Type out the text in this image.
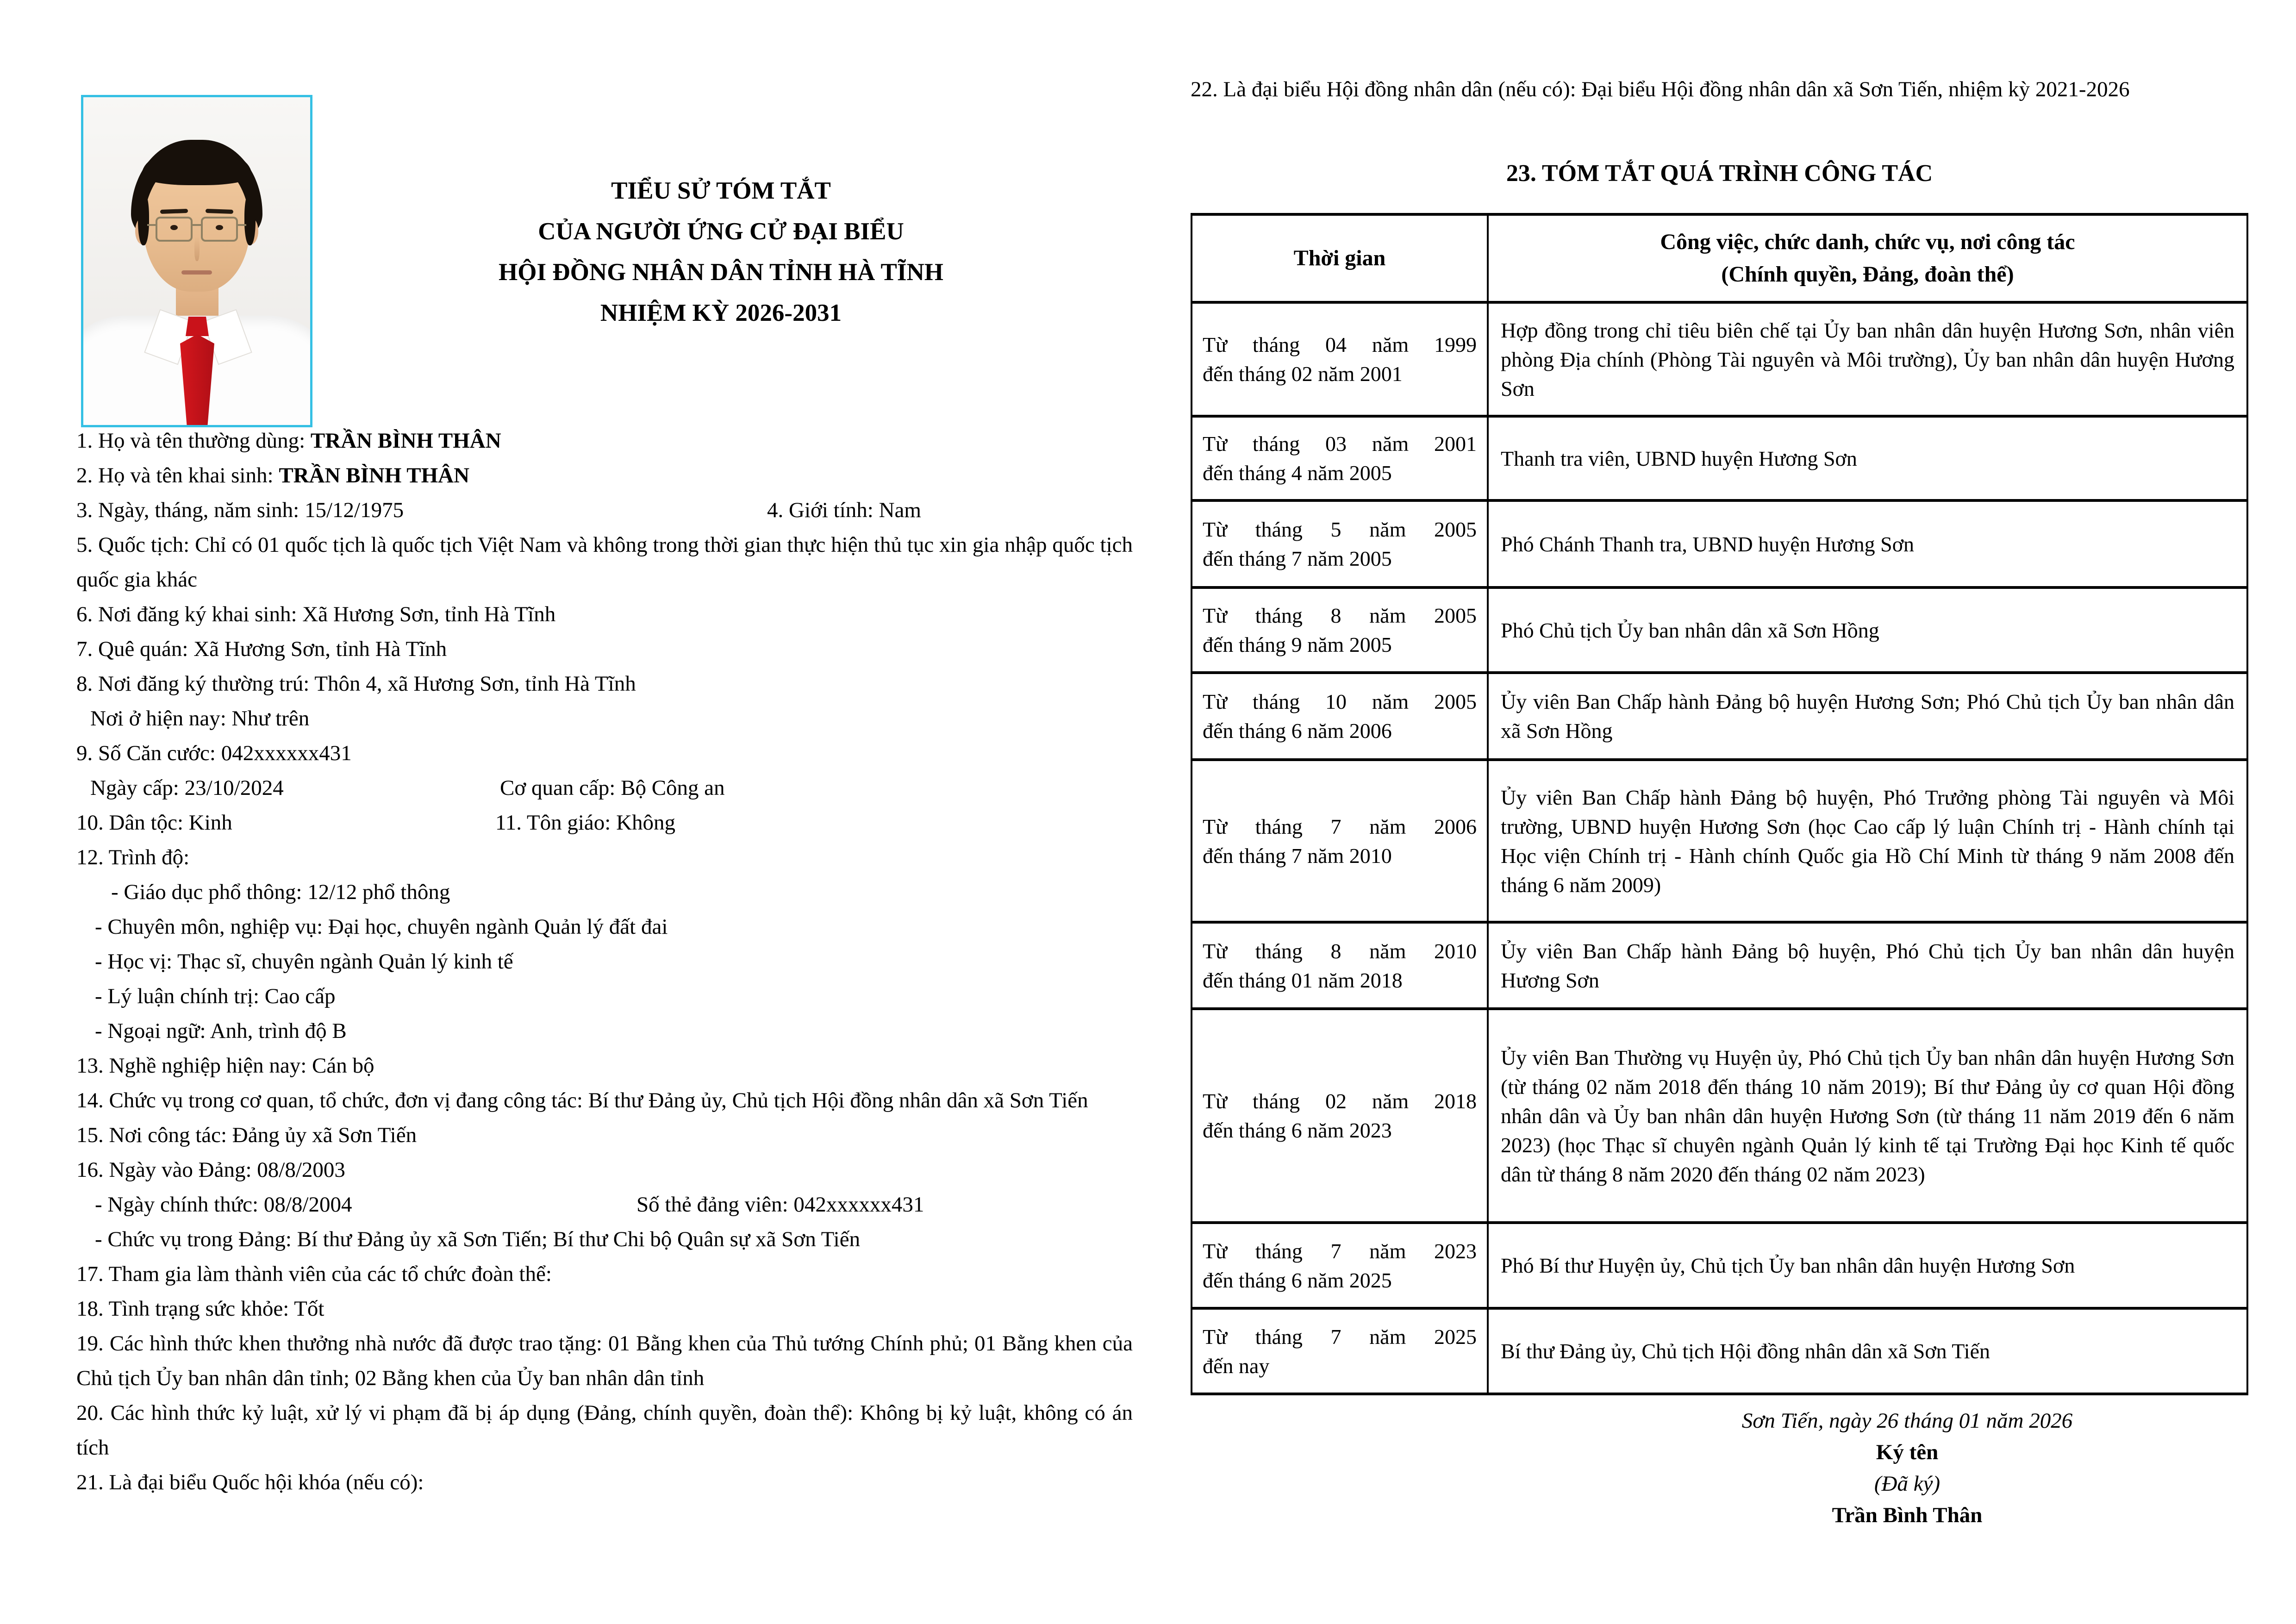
TIỂU SỬ TÓM TẮT
CỦA NGƯỜI ỨNG CỬ ĐẠI BIỂU
HỘI ĐỒNG NHÂN DÂN TỈNH HÀ TĨNH
NHIỆM KỲ 2026-2031

1. Họ và tên thường dùng: TRẦN BÌNH THÂN

2. Họ và tên khai sinh: TRẦN BÌNH THÂN

3. Ngày, tháng, năm sinh: 15/12/1975	4. Giới tính: Nam

5. Quốc tịch: Chỉ có 01 quốc tịch là quốc tịch Việt Nam và không trong thời gian thực hiện thủ tục xin gia nhập quốc tịch quốc gia khác

6. Nơi đăng ký khai sinh: Xã Hương Sơn, tỉnh Hà Tĩnh

7. Quê quán: Xã Hương Sơn, tỉnh Hà Tĩnh

8. Nơi đăng ký thường trú: Thôn 4, xã Hương Sơn, tỉnh Hà Tĩnh

Nơi ở hiện nay: Như trên

9. Số Căn cước: 042xxxxxx431

Ngày cấp: 23/10/2024	Cơ quan cấp: Bộ Công an

10. Dân tộc: Kinh	11. Tôn giáo: Không

12. Trình độ:

- Giáo dục phổ thông: 12/12 phổ thông

- Chuyên môn, nghiệp vụ: Đại học, chuyên ngành Quản lý đất đai

- Học vị: Thạc sĩ, chuyên ngành Quản lý kinh tế

- Lý luận chính trị: Cao cấp

- Ngoại ngữ: Anh, trình độ B

13. Nghề nghiệp hiện nay: Cán bộ

14. Chức vụ trong cơ quan, tổ chức, đơn vị đang công tác: Bí thư Đảng ủy, Chủ tịch Hội đồng nhân dân xã Sơn Tiến

15. Nơi công tác: Đảng ủy xã Sơn Tiến

16. Ngày vào Đảng: 08/8/2003

- Ngày chính thức: 08/8/2004	Số thẻ đảng viên: 042xxxxxx431

- Chức vụ trong Đảng: Bí thư Đảng ủy xã Sơn Tiến; Bí thư Chi bộ Quân sự xã Sơn Tiến

17. Tham gia làm thành viên của các tổ chức đoàn thể:

18. Tình trạng sức khỏe: Tốt

19. Các hình thức khen thưởng nhà nước đã được trao tặng: 01 Bằng khen của Thủ tướng Chính phủ; 01 Bằng khen của Chủ tịch Ủy ban nhân dân tỉnh; 02 Bằng khen của Ủy ban nhân dân tỉnh

20. Các hình thức kỷ luật, xử lý vi phạm đã bị áp dụng (Đảng, chính quyền, đoàn thể): Không bị kỷ luật, không có án tích

21. Là đại biểu Quốc hội khóa (nếu có):

22. Là đại biểu Hội đồng nhân dân (nếu có): Đại biểu Hội đồng nhân dân xã Sơn Tiến, nhiệm kỳ 2021-2026

23. TÓM TẮT QUÁ TRÌNH CÔNG TÁC
Thời gian	Công việc, chức danh, chức vụ, nơi công tác
(Chính quyền, Đảng, đoàn thể)

Từ tháng 04 năm 1999
đến tháng 02 năm 2001	Hợp đồng trong chỉ tiêu biên chế tại Ủy ban nhân dân huyện Hương Sơn, nhân viên phòng Địa chính (Phòng Tài nguyên và Môi trường), Ủy ban nhân dân huyện Hương Sơn

Từ tháng 03 năm 2001
đến tháng 4 năm 2005	Thanh tra viên, UBND huyện Hương Sơn

Từ tháng 5 năm 2005
đến tháng 7 năm 2005	Phó Chánh Thanh tra, UBND huyện Hương Sơn

Từ tháng 8 năm 2005
đến tháng 9 năm 2005	Phó Chủ tịch Ủy ban nhân dân xã Sơn Hồng

Từ tháng 10 năm 2005
đến tháng 6 năm 2006	Ủy viên Ban Chấp hành Đảng bộ huyện Hương Sơn; Phó Chủ tịch Ủy ban nhân dân xã Sơn Hồng

Từ tháng 7 năm 2006
đến tháng 7 năm 2010	Ủy viên Ban Chấp hành Đảng bộ huyện, Phó Trưởng phòng Tài nguyên và Môi trường, UBND huyện Hương Sơn (học Cao cấp lý luận Chính trị - Hành chính tại Học viện Chính trị - Hành chính Quốc gia Hồ Chí Minh từ tháng 9 năm 2008 đến tháng 6 năm 2009)

Từ tháng 8 năm 2010
đến tháng 01 năm 2018	Ủy viên Ban Chấp hành Đảng bộ huyện, Phó Chủ tịch Ủy ban nhân dân huyện Hương Sơn

Từ tháng 02 năm 2018
đến tháng 6 năm 2023	Ủy viên Ban Thường vụ Huyện ủy, Phó Chủ tịch Ủy ban nhân dân huyện Hương Sơn (từ tháng 02 năm 2018 đến tháng 10 năm 2019); Bí thư Đảng ủy cơ quan Hội đồng nhân dân và Ủy ban nhân dân huyện Hương Sơn (từ tháng 11 năm 2019 đến 6 năm 2023) (học Thạc sĩ chuyên ngành Quản lý kinh tế tại Trường Đại học Kinh tế quốc dân từ tháng 8 năm 2020 đến tháng 02 năm 2023)

Từ tháng 7 năm 2023
đến tháng 6 năm 2025	Phó Bí thư Huyện ủy, Chủ tịch Ủy ban nhân dân huyện Hương Sơn

Từ tháng 7 năm 2025
đến nay	Bí thư Đảng ủy, Chủ tịch Hội đồng nhân dân xã Sơn Tiến
Sơn Tiến, ngày 26 tháng 01 năm 2026
Ký tên
(Đã ký)
Trần Bình Thân
